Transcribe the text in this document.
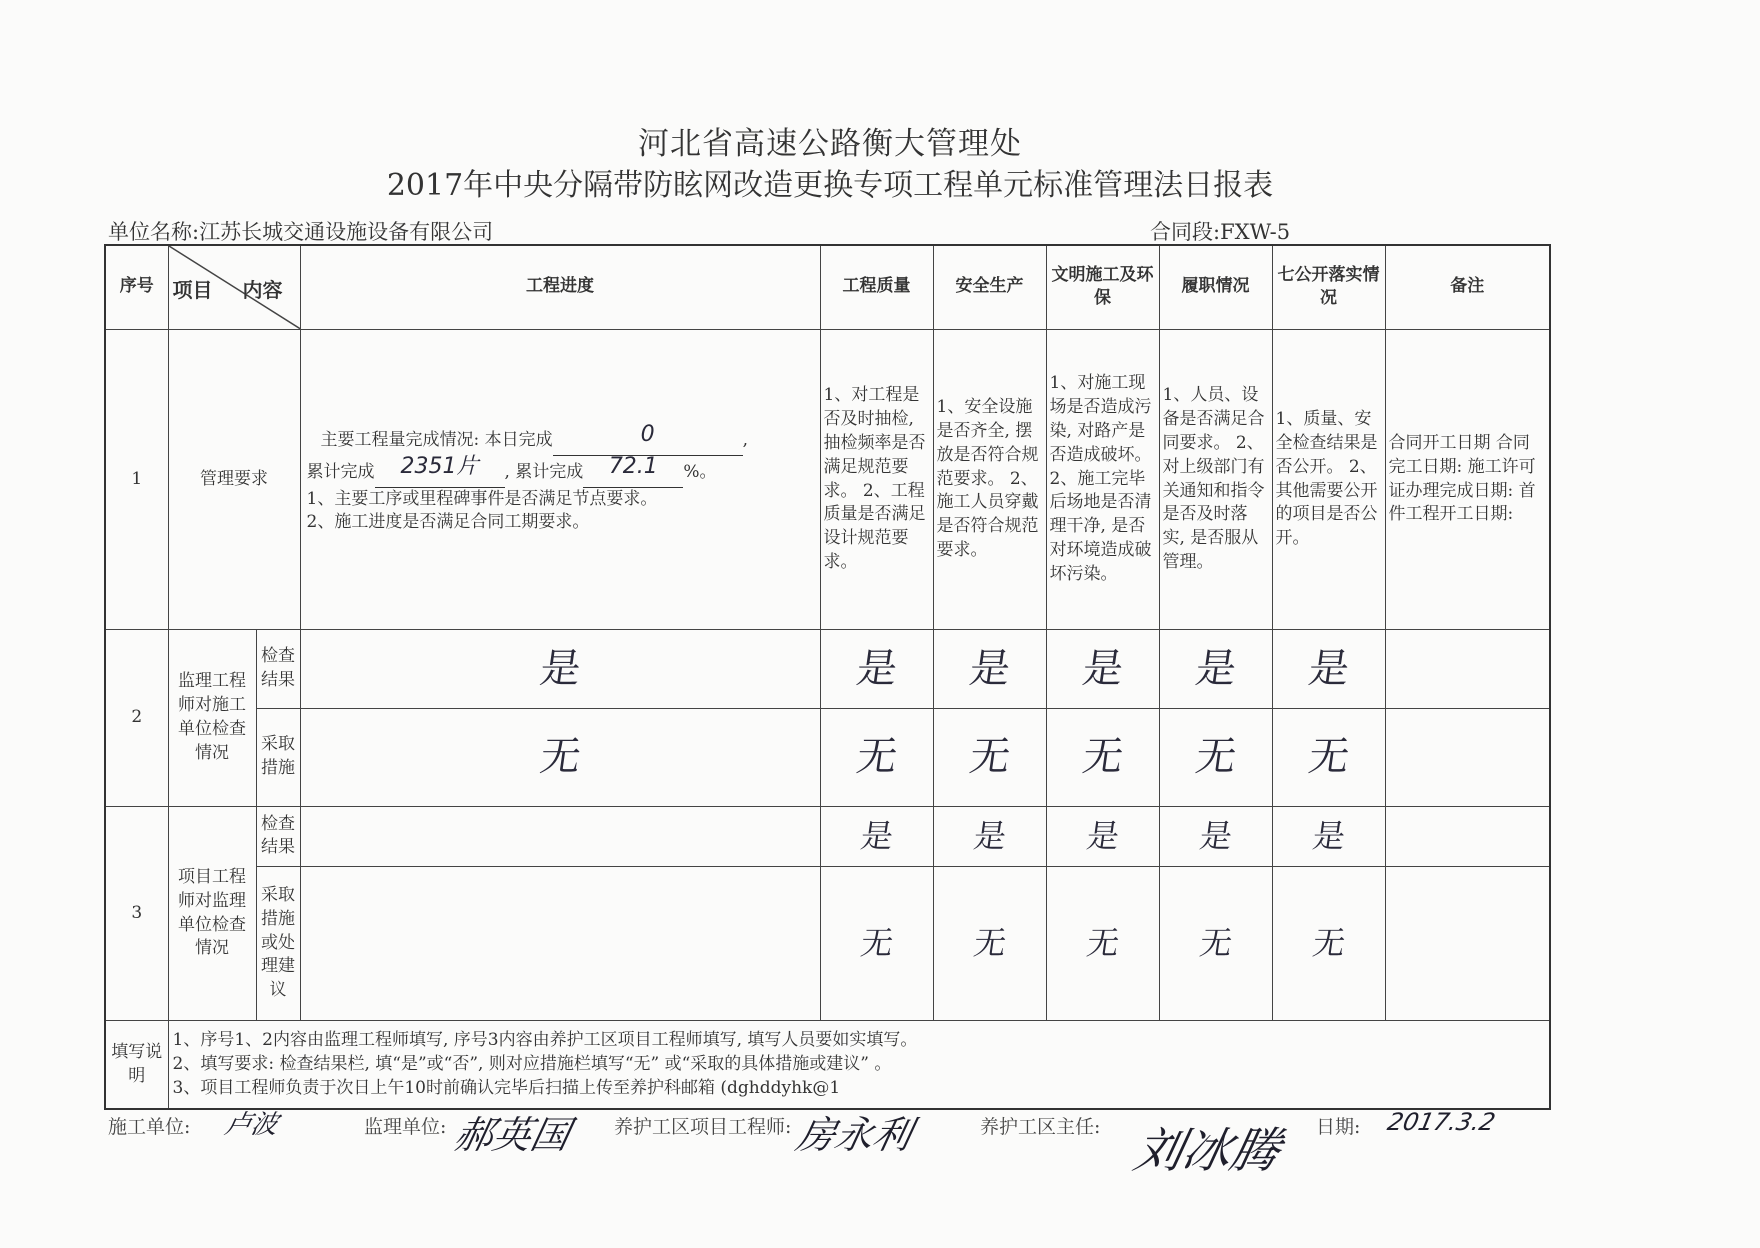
河北省高速公路衡大管理处
2017年中央分隔带防眩网改造更换专项工程单元标准管理法日报表
单位名称:江苏长城交通设施设备有限公司	合同段:FXW-5
序号	项目 内容		工程进度	工程质量	安全生产	文明施工及环保	履职情况	七公开落实情况	备注
1	管理要求		主要工程量完成情况: 本日完成 0 ,
累计完成 2351片 , 累计完成 72.1 %。
1、主要工序或里程碑事件是否满足节点要求。
2、施工进度是否满足合同工期要求。	1、对工程是否及时抽检, 抽检频率是否满足规范要求。 2、工程质量是否满足设计规范要求。	1、安全设施是否齐全, 摆放是否符合规范要求。 2、施工人员穿戴是否符合规范要求。	1、对施工现场是否造成污染, 对路产是否造成破坏。 2、施工完毕后场地是否清理干净, 是否对环境造成破坏污染。	1、人员、设备是否满足合同要求。 2、对上级部门有关通知和指令是否及时落实, 是否服从管理。	1、质量、安全检查结果是否公开。 2、其他需要公开的项目是否公开。	合同开工日期 合同完工日期: 施工许可证办理完成日期: 首件工程开工日期:
2	监理工程师对施工单位检查情况	检查结果	是	是	是	是	是	是	

		采取措施	无	无	无	无	无	无	

3	项目工程师对监理单位检查情况	检查结果		是	是	是	是	是	

		采取措施或处理建议		无	无	无	无	无	

填写说明	1、序号1、2内容由监理工程师填写, 序号3内容由养护工区项目工程师填写, 填写人员要如实填写。
2、填写要求: 检查结果栏, 填“是”或“否”, 则对应措施栏填写“无” 或“采取的具体措施或建议” 。
3、项目工程师负责于次日上午10时前确认完毕后扫描上传至养护科邮箱 (dghddyhk@1								
施工单位: 卢波	监理单位: 郝英国 养护工区项目工程师: 房永利	养护工区主任: 刘冰腾 日期: 2017.3.2
